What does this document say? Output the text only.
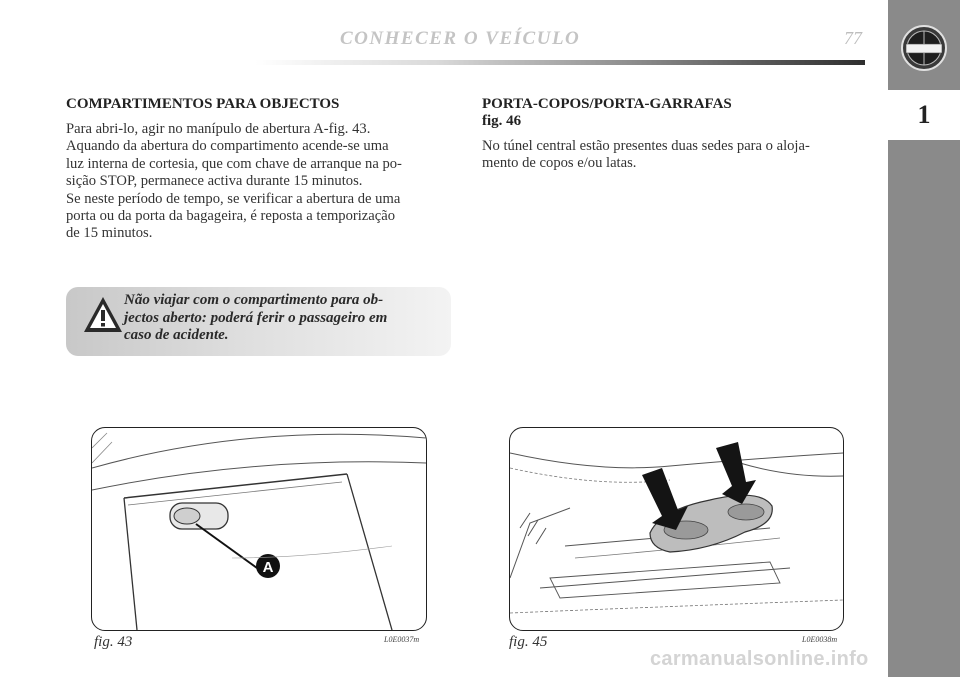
CONHECER O VEÍCULO	77
1
COMPARTIMENTOS PARA OBJECTOS
Para abri-lo, agir no manípulo de abertura A-fig. 43.
Aquando da abertura do compartimento acende-se uma
luz interna de cortesia, que com chave de arranque na po-
sição STOP, permanece activa durante 15 minutos.
Se neste período de tempo, se verificar a abertura de uma
porta ou da porta da bagageira, é reposta a temporização
de 15 minutos.
Não viajar com o compartimento para ob-
jectos aberto: poderá ferir o passageiro em
caso de acidente.
PORTA-COPOS/PORTA-GARRAFAS
fig. 46
No túnel central estão presentes duas sedes para o aloja-
mento de copos e/ou latas.
A
fig. 43	L0E0037m	fig. 45	L0E0038m
carmanualsonline.info
